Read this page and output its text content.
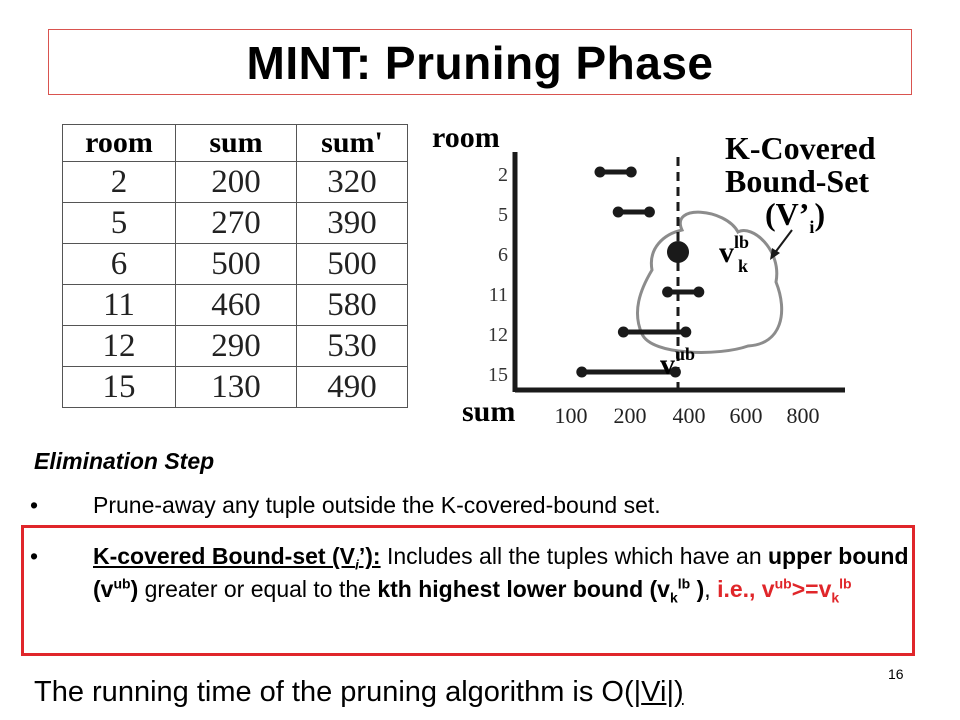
MINT: Pruning Phase
room	sum	sum'
2	200	320
5	270	390
6	500	500
11	460	580
12	290	530
15	130	490
room
sum
2
5
6
11
12
15
100 200 400 600 800
K-Covered
Bound-Set
$(V’_i)$
$v^{lb}$
k
$v^{ub}$
Elimination Step
• Prune-away any tuple outside the K-covered-bound set.
• K-covered Bound-set $(V_i’)$: Includes all the tuples which have an upper bound $(v^{ub})$ greater or equal to the kth highest lower bound ($v_k^{lb}$ ), i.e., $v^{ub}>=v_k^{lb}$
The running time of the pruning algorithm is O(|Vi|)
16
